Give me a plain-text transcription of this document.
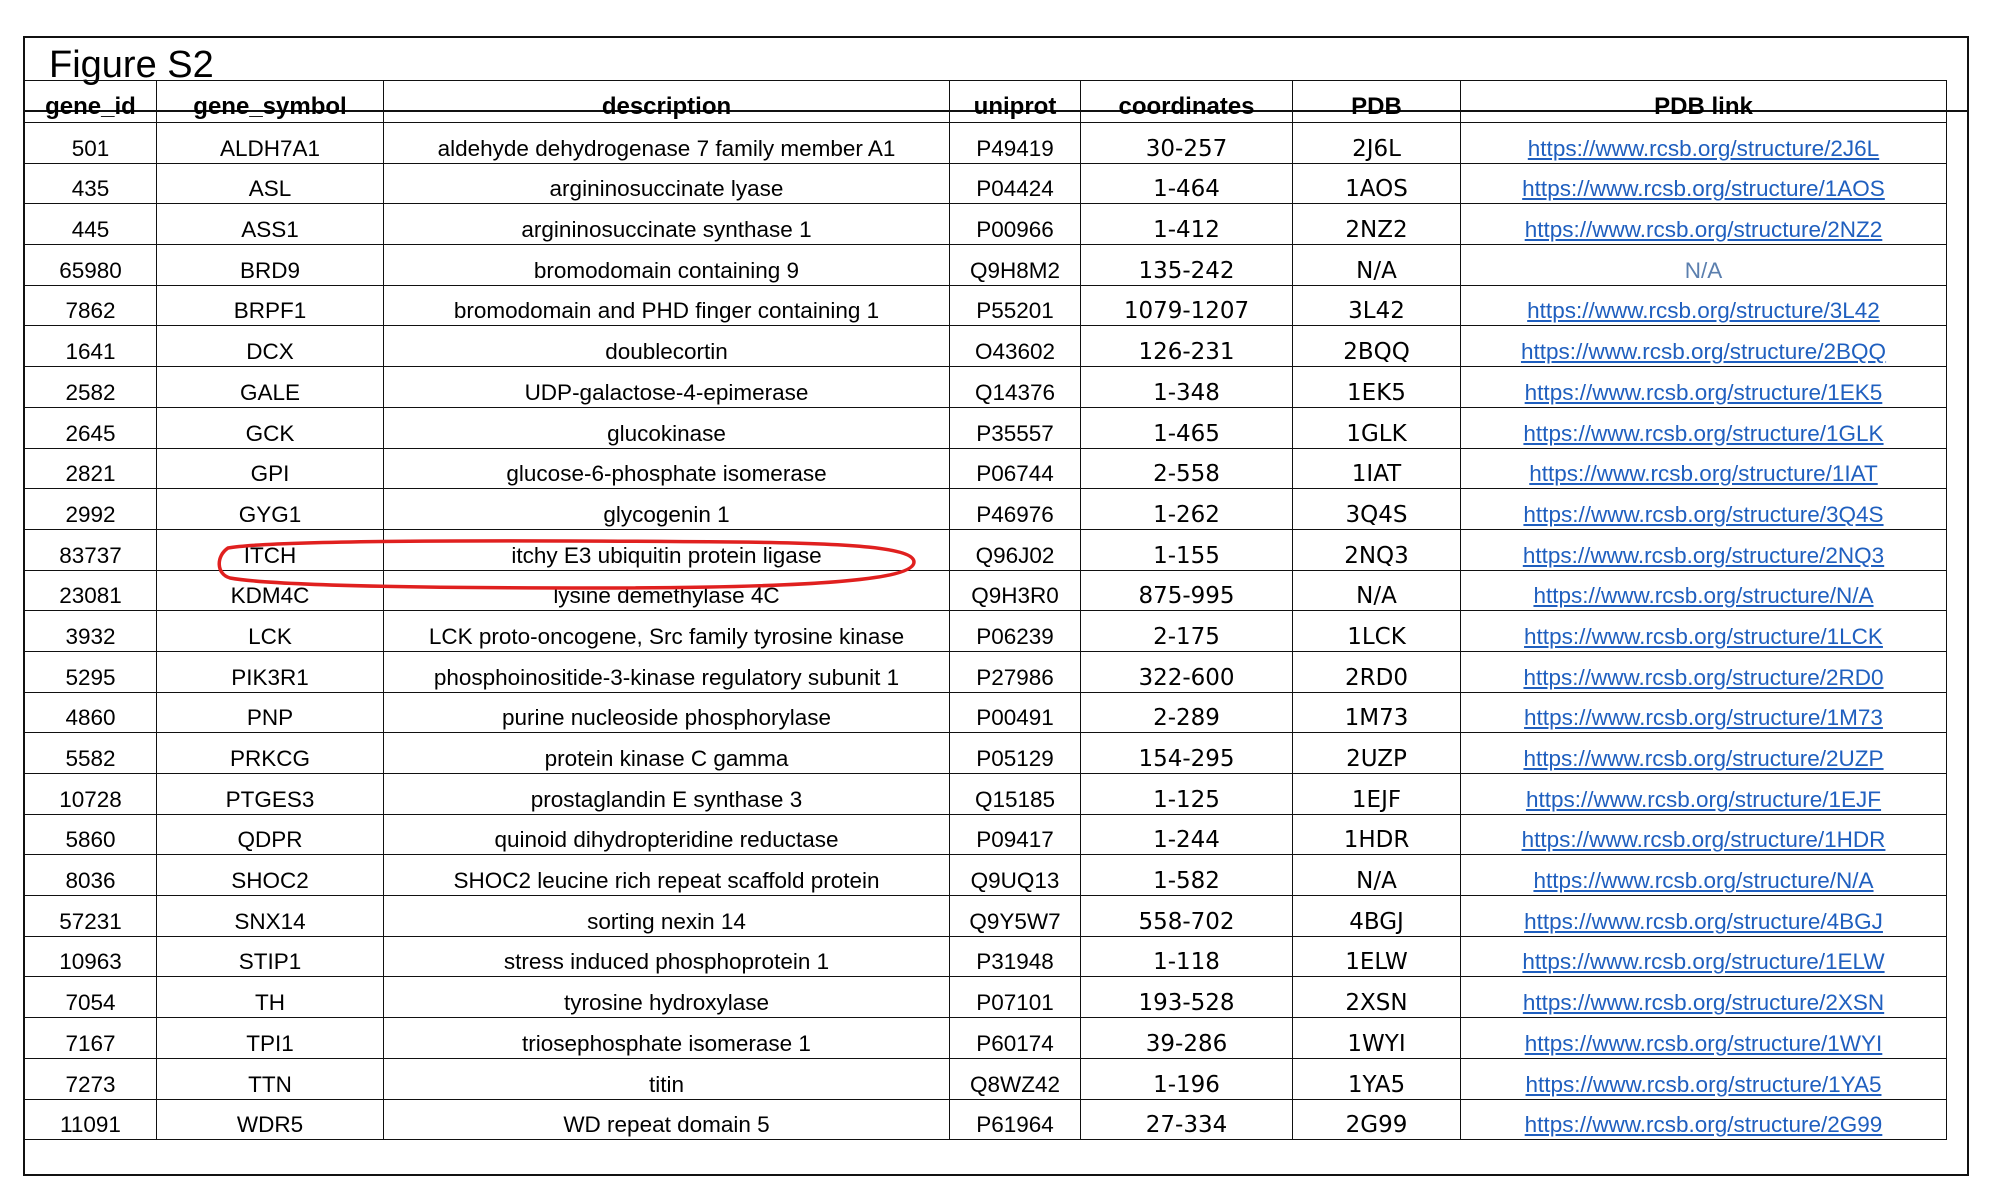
Figure S2
gene_id	gene_symbol	description	uniprot	coordinates	PDB	PDB link
501	ALDH7A1	aldehyde dehydrogenase 7 family member A1	P49419	30-257	2J6L	https://www.rcsb.org/structure/2J6L
435	ASL	argininosuccinate lyase	P04424	1-464	1AOS	https://www.rcsb.org/structure/1AOS
445	ASS1	argininosuccinate synthase 1	P00966	1-412	2NZ2	https://www.rcsb.org/structure/2NZ2
65980	BRD9	bromodomain containing 9	Q9H8M2	135-242	N/A	N/A
7862	BRPF1	bromodomain and PHD finger containing 1	P55201	1079-1207	3L42	https://www.rcsb.org/structure/3L42
1641	DCX	doublecortin	O43602	126-231	2BQQ	https://www.rcsb.org/structure/2BQQ
2582	GALE	UDP-galactose-4-epimerase	Q14376	1-348	1EK5	https://www.rcsb.org/structure/1EK5
2645	GCK	glucokinase	P35557	1-465	1GLK	https://www.rcsb.org/structure/1GLK
2821	GPI	glucose-6-phosphate isomerase	P06744	2-558	1IAT	https://www.rcsb.org/structure/1IAT
2992	GYG1	glycogenin 1	P46976	1-262	3Q4S	https://www.rcsb.org/structure/3Q4S
83737	ITCH	itchy E3 ubiquitin protein ligase	Q96J02	1-155	2NQ3	https://www.rcsb.org/structure/2NQ3
23081	KDM4C	lysine demethylase 4C	Q9H3R0	875-995	N/A	https://www.rcsb.org/structure/N/A
3932	LCK	LCK proto-oncogene, Src family tyrosine kinase	P06239	2-175	1LCK	https://www.rcsb.org/structure/1LCK
5295	PIK3R1	phosphoinositide-3-kinase regulatory subunit 1	P27986	322-600	2RD0	https://www.rcsb.org/structure/2RD0
4860	PNP	purine nucleoside phosphorylase	P00491	2-289	1M73	https://www.rcsb.org/structure/1M73
5582	PRKCG	protein kinase C gamma	P05129	154-295	2UZP	https://www.rcsb.org/structure/2UZP
10728	PTGES3	prostaglandin E synthase 3	Q15185	1-125	1EJF	https://www.rcsb.org/structure/1EJF
5860	QDPR	quinoid dihydropteridine reductase	P09417	1-244	1HDR	https://www.rcsb.org/structure/1HDR
8036	SHOC2	SHOC2 leucine rich repeat scaffold protein	Q9UQ13	1-582	N/A	https://www.rcsb.org/structure/N/A
57231	SNX14	sorting nexin 14	Q9Y5W7	558-702	4BGJ	https://www.rcsb.org/structure/4BGJ
10963	STIP1	stress induced phosphoprotein 1	P31948	1-118	1ELW	https://www.rcsb.org/structure/1ELW
7054	TH	tyrosine hydroxylase	P07101	193-528	2XSN	https://www.rcsb.org/structure/2XSN
7167	TPI1	triosephosphate isomerase 1	P60174	39-286	1WYI	https://www.rcsb.org/structure/1WYI
7273	TTN	titin	Q8WZ42	1-196	1YA5	https://www.rcsb.org/structure/1YA5
11091	WDR5	WD repeat domain 5	P61964	27-334	2G99	https://www.rcsb.org/structure/2G99
